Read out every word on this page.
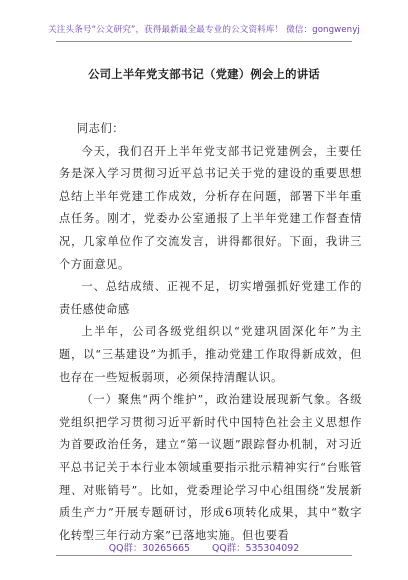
关注头条号“公文研究”，获得最新最全最专业的公文资料库！ 微信：gongwenyj
公司上半年党支部书记（党建）例会上的讲话

同志们：

今天，我们召开上半年党支部书记党建例会，主要任务是深入学习贯彻习近平总书记关于党的建设的重要思想总结上半年党建工作成效，分析存在问题，部署下半年重点任务。刚才，党委办公室通报了上半年党建工作督查情况，几家单位作了交流发言，讲得都很好。下面，我讲三个方面意见。

一、总结成绩、正视不足，切实增强抓好党建工作的责任感使命感

上半年，公司各级党组织以“党建巩固深化年”为主题，以“三基建设”为抓手，推动党建工作取得新成效，但也存在一些短板弱项，必须保持清醒认识。

（一）聚焦“两个维护”，政治建设展现新气象。各级党组织把学习贯彻习近平新时代中国特色社会主义思想作为首要政治任务，建立“第一议题”跟踪督办机制，对习近平总书记关于本行业本领域重要指示批示精神实行“台账管理、对账销号”。比如，党委理论学习中心组围绕“发展新质生产力”开展专题研讨，形成6项转化成果，其中“数字化转型三年行动方案”已落地实施。但也要看

QQ群：30265665 QQ群：535304092
